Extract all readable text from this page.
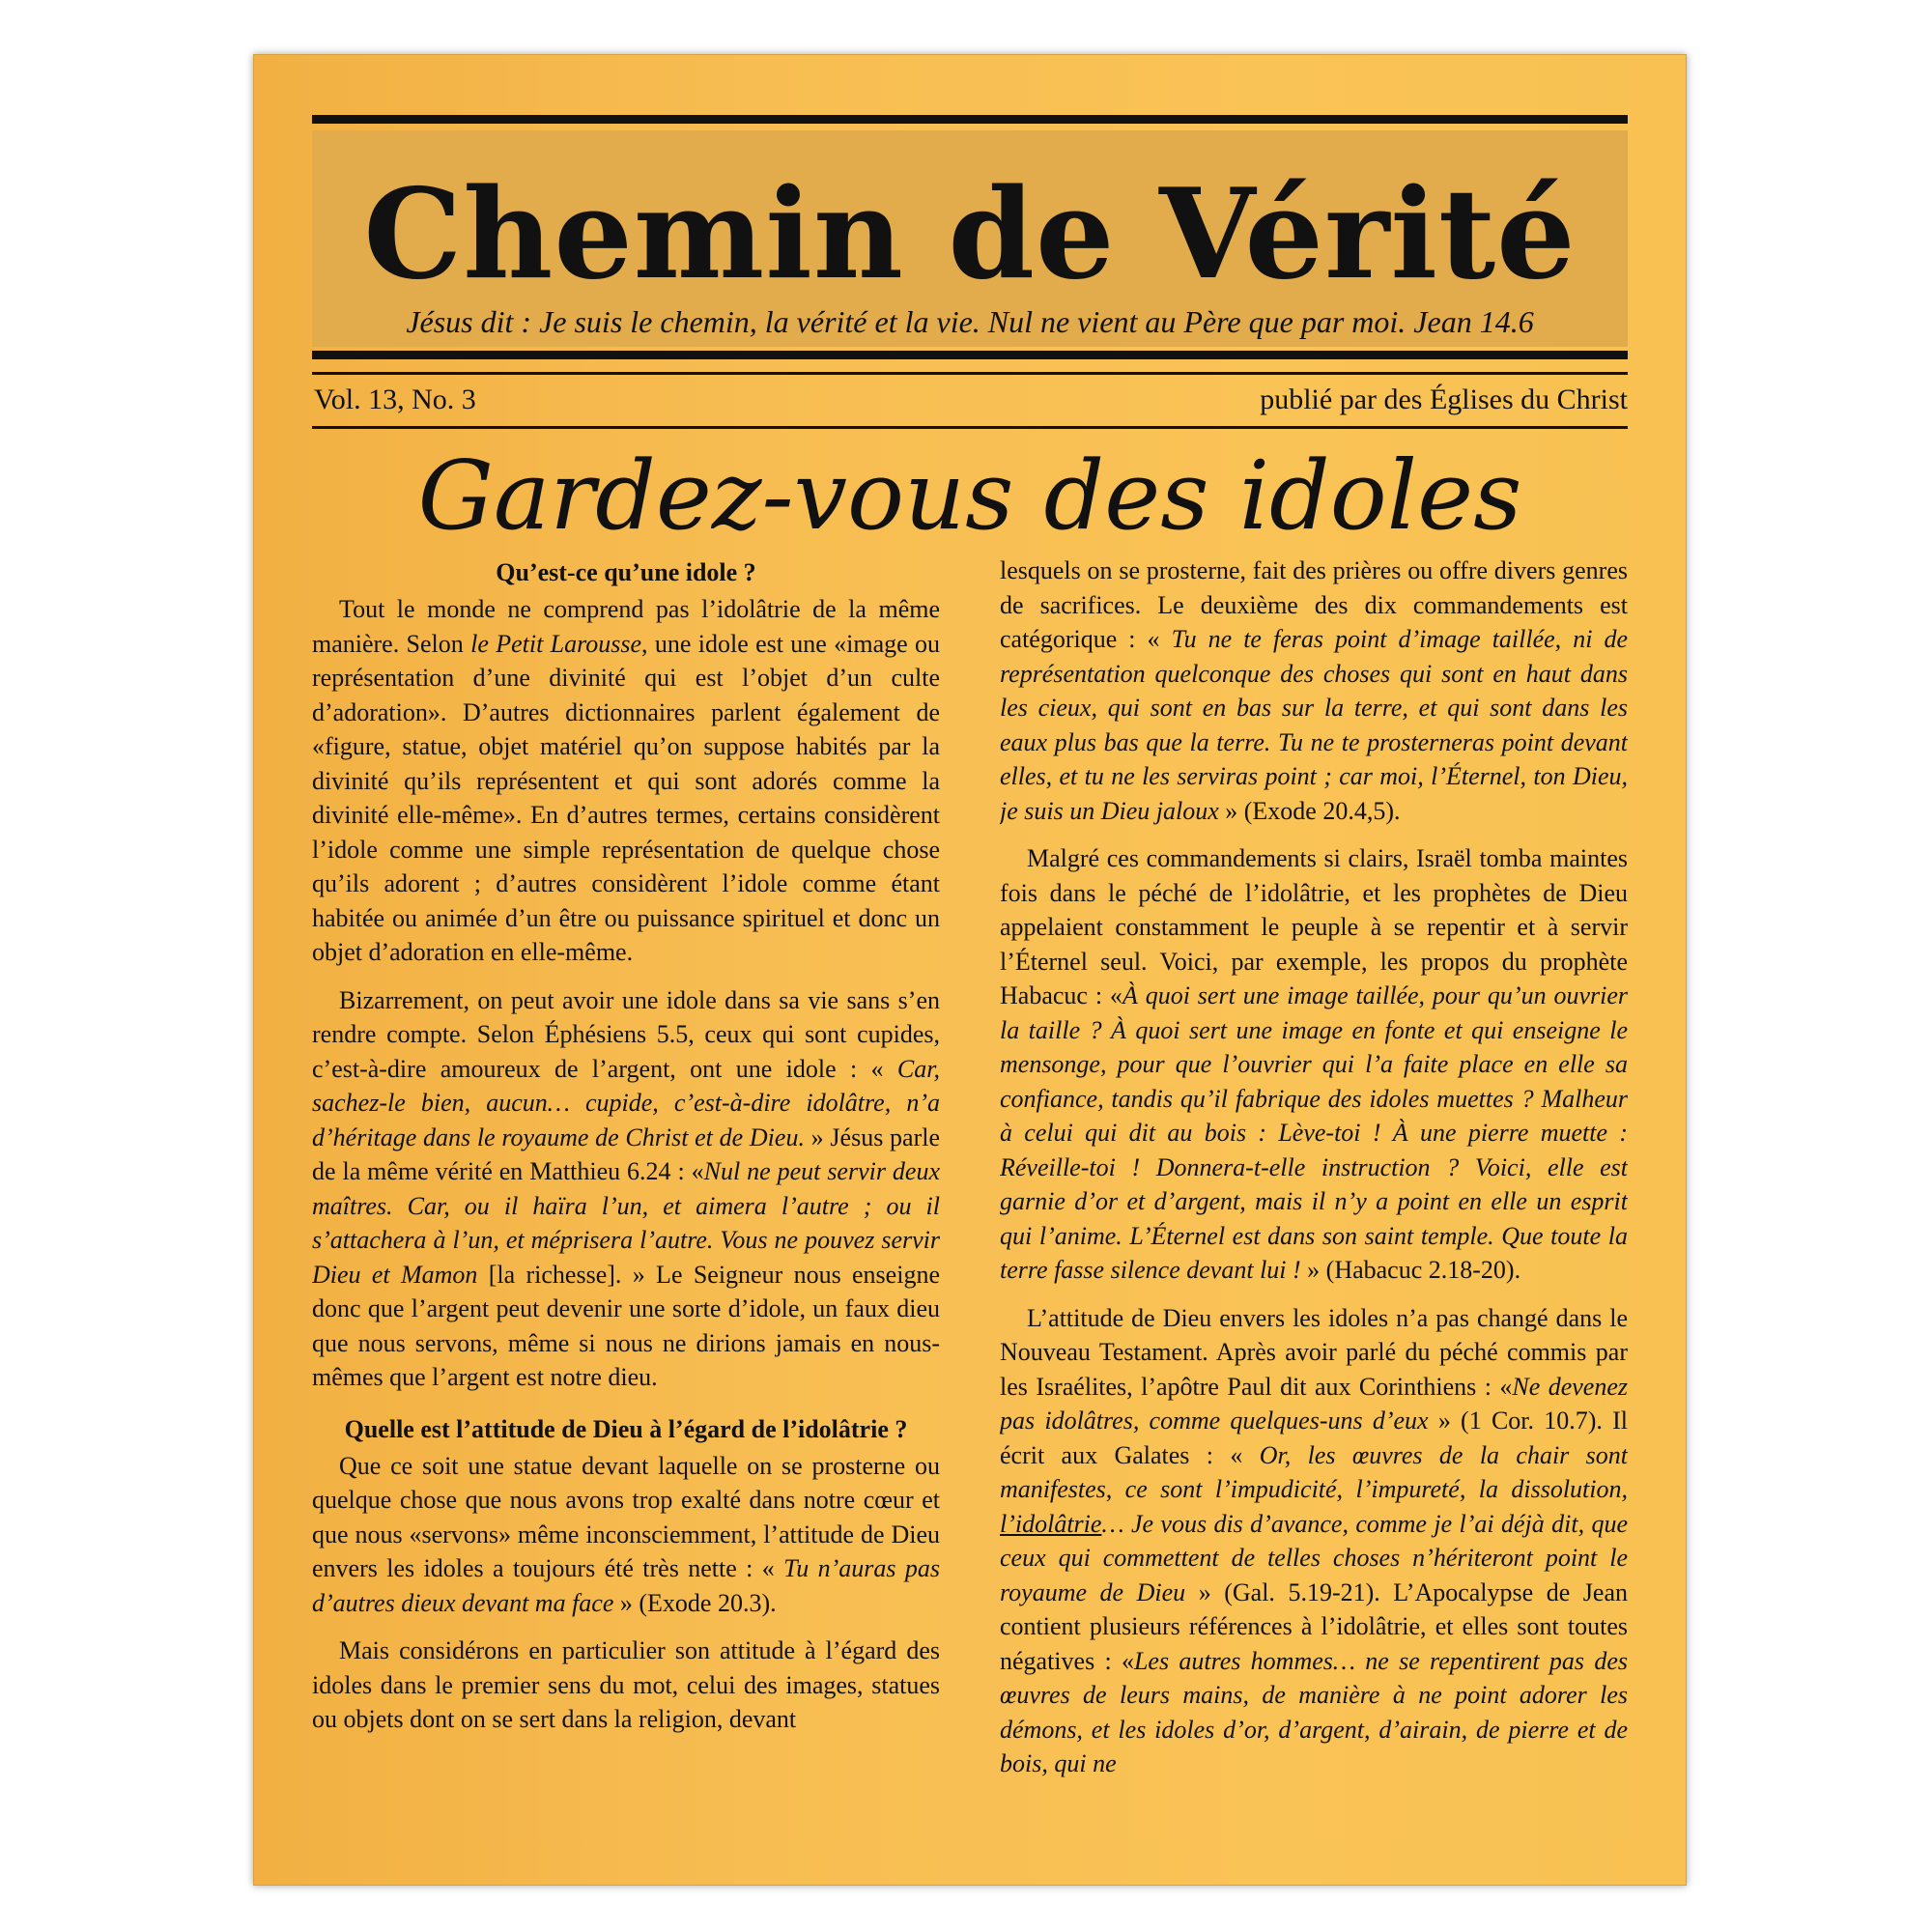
Chemin de Vérité
Jésus dit : Je suis le chemin, la vérité et la vie. Nul ne vient au Père que par moi. Jean 14.6
Vol. 13, No. 3	publié par des Églises du Christ
Gardez-vous des idoles
Qu’est-ce qu’une idole ?

Tout le monde ne comprend pas l’idolâtrie de la même manière. Selon le Petit Larousse, une idole est une «image ou représentation d’une divinité qui est l’objet d’un culte d’adoration». D’autres dictionnaires parlent également de «figure, statue, objet matériel qu’on suppose habités par la divinité qu’ils représentent et qui sont adorés comme la divinité elle-même». En d’autres termes, certains considèrent l’idole comme une simple représentation de quelque chose qu’ils adorent ; d’autres considèrent l’idole comme étant habitée ou animée d’un être ou puissance spirituel et donc un objet d’adoration en elle-même.

Bizarrement, on peut avoir une idole dans sa vie sans s’en rendre compte. Selon Éphésiens 5.5, ceux qui sont cupides, c’est-à-dire amoureux de l’argent, ont une idole : « Car, sachez-le bien, aucun… cupide, c’est-à-dire idolâtre, n’a d’héritage dans le royaume de Christ et de Dieu. » Jésus parle de la même vérité en Matthieu 6.24 : «Nul ne peut servir deux maîtres. Car, ou il haïra l’un, et aimera l’autre ; ou il s’attachera à l’un, et méprisera l’autre. Vous ne pouvez servir Dieu et Mamon [la richesse]. » Le Seigneur nous enseigne donc que l’argent peut devenir une sorte d’idole, un faux dieu que nous servons, même si nous ne dirions jamais en nous-mêmes que l’argent est notre dieu.

Quelle est l’attitude de Dieu à l’égard de l’idolâtrie ?

Que ce soit une statue devant laquelle on se prosterne ou quelque chose que nous avons trop exalté dans notre cœur et que nous «servons» même inconsciemment, l’attitude de Dieu envers les idoles a toujours été très nette : « Tu n’auras pas d’autres dieux devant ma face » (Exode 20.3).

Mais considérons en particulier son attitude à l’égard des idoles dans le premier sens du mot, celui des images, statues ou objets dont on se sert dans la religion, devant

lesquels on se prosterne, fait des prières ou offre divers genres de sacrifices. Le deuxième des dix commandements est catégorique : « Tu ne te feras point d’image taillée, ni de représentation quelconque des choses qui sont en haut dans les cieux, qui sont en bas sur la terre, et qui sont dans les eaux plus bas que la terre. Tu ne te prosterneras point devant elles, et tu ne les serviras point ; car moi, l’Éternel, ton Dieu, je suis un Dieu jaloux » (Exode 20.4,5).

Malgré ces commandements si clairs, Israël tomba maintes fois dans le péché de l’idolâtrie, et les prophètes de Dieu appelaient constamment le peuple à se repentir et à servir l’Éternel seul. Voici, par exemple, les propos du prophète Habacuc : «À quoi sert une image taillée, pour qu’un ouvrier la taille ? À quoi sert une image en fonte et qui enseigne le mensonge, pour que l’ouvrier qui l’a faite place en elle sa confiance, tandis qu’il fabrique des idoles muettes ? Malheur à celui qui dit au bois : Lève-toi ! À une pierre muette : Réveille-toi ! Donnera-t-elle instruction ? Voici, elle est garnie d’or et d’argent, mais il n’y a point en elle un esprit qui l’anime. L’Éternel est dans son saint temple. Que toute la terre fasse silence devant lui ! » (Habacuc 2.18-20).

L’attitude de Dieu envers les idoles n’a pas changé dans le Nouveau Testament. Après avoir parlé du péché commis par les Israélites, l’apôtre Paul dit aux Corinthiens : «Ne devenez pas idolâtres, comme quelques-uns d’eux » (1 Cor. 10.7). Il écrit aux Galates : « Or, les œuvres de la chair sont manifestes, ce sont l’impudicité, l’impureté, la dissolution, l’idolâtrie… Je vous dis d’avance, comme je l’ai déjà dit, que ceux qui commettent de telles choses n’hériteront point le royaume de Dieu » (Gal. 5.19-21). L’Apocalypse de Jean contient plusieurs références à l’idolâtrie, et elles sont toutes négatives : «Les autres hommes… ne se repentirent pas des œuvres de leurs mains, de manière à ne point adorer les démons, et les idoles d’or, d’argent, d’airain, de pierre et de bois, qui ne
